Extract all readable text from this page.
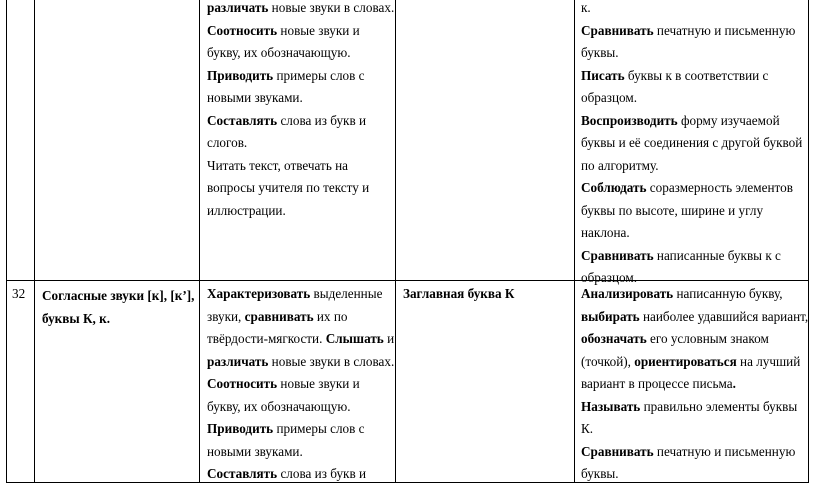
различать новые звуки в словах.

Соотносить новые звуки и

букву, их обозначающую.

Приводить примеры слов с

новыми звуками.

Составлять слова из букв и

слогов.

Читать текст, отвечать на

вопросы учителя по тексту и

иллюстрации.

к.

Сравнивать печатную и письменную

буквы.

Писать буквы к в соответствии с

образцом.

Воспроизводить форму изучаемой

буквы и её соединения с другой буквой

по алгоритму.

Соблюдать соразмерность элементов

буквы по высоте, ширине и углу

наклона.

Сравнивать написанные буквы к с

образцом.

32 Согласные звуки [к], [к’],

буквы К, к.

Характеризовать выделенные

звуки, сравнивать их по

твёрдости-мягкости. Слышать и

различать новые звуки в словах.

Соотносить новые звуки и

букву, их обозначающую.

Приводить примеры слов с

новыми звуками.

Составлять слова из букв и

Заглавная буква К	Анализировать написанную букву,

выбирать наиболее удавшийся вариант,

обозначать его условным знаком

(точкой), ориентироваться на лучший

вариант в процессе письма.

Называть правильно элементы буквы

К.

Сравнивать печатную и письменную

буквы.
